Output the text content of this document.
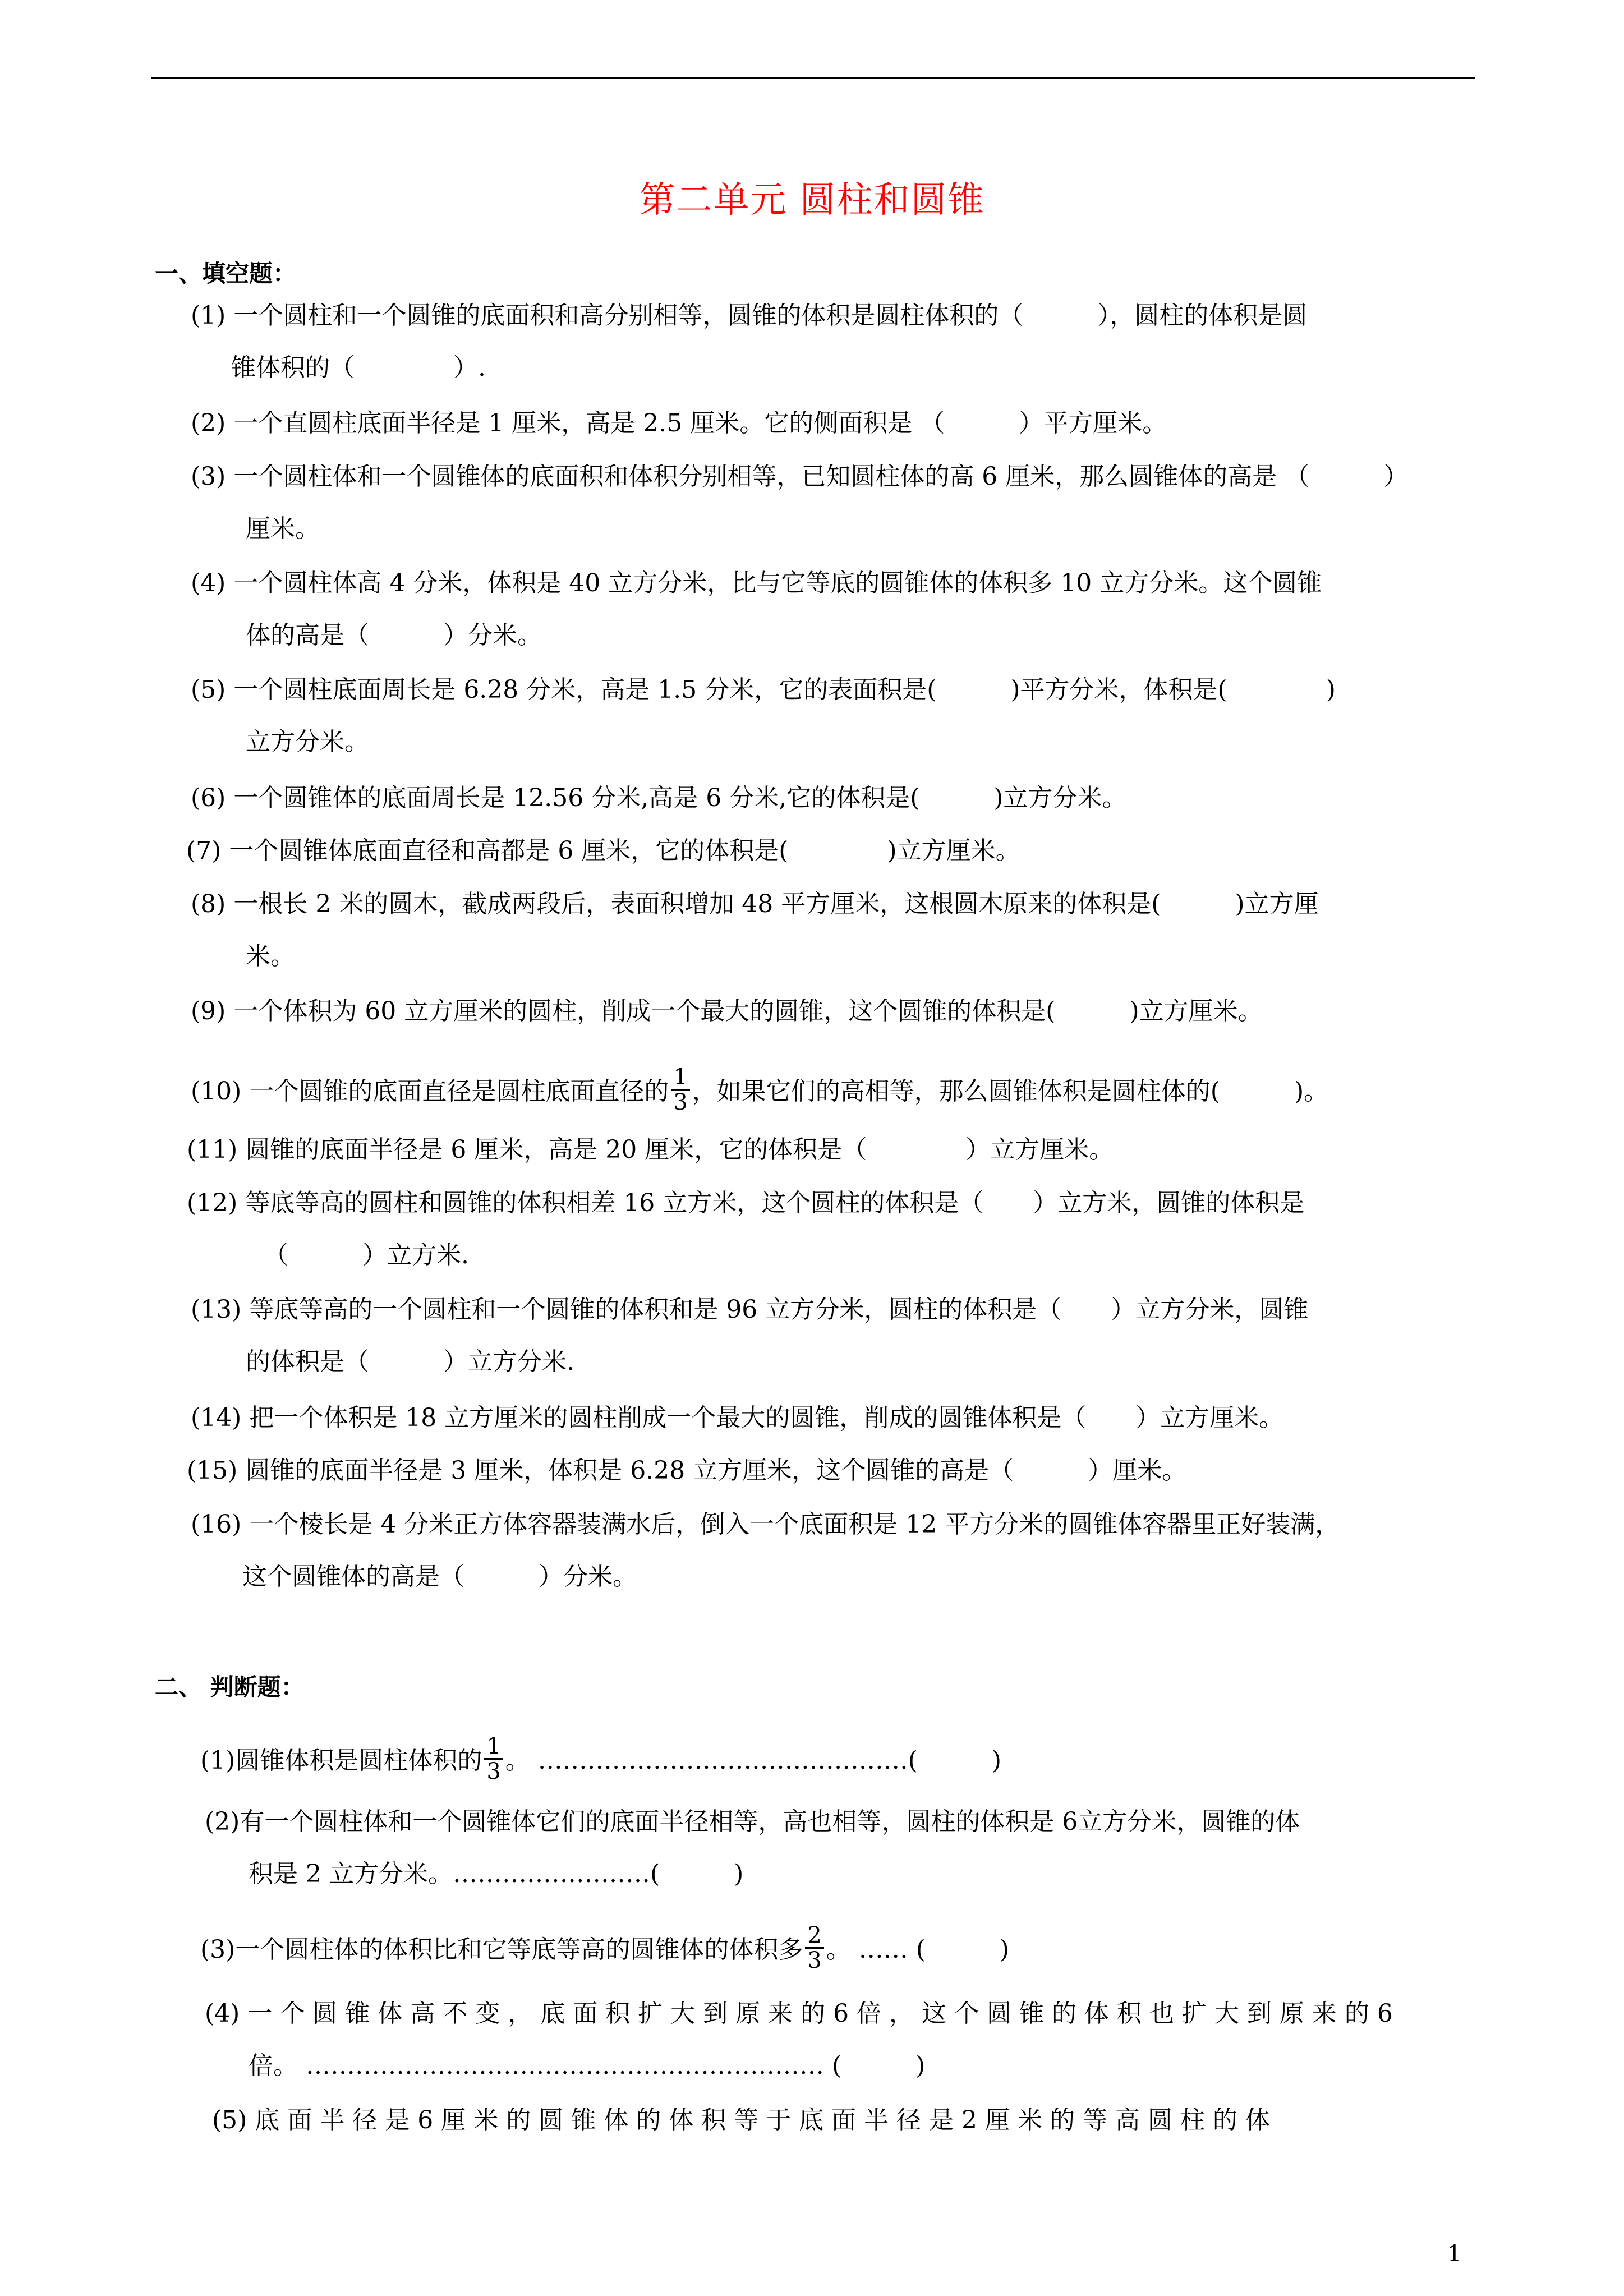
第二单元 圆柱和圆锥
一、填空题：
(1) 一个圆柱和一个圆锥的底面积和高分别相等，圆锥的体积是圆柱体积的（　　　），圆柱的体积是圆
锥体积的（　　　　）.
(2) 一个直圆柱底面半径是 1 厘米，高是 2.5 厘米。它的侧面积是 （　　　）平方厘米。
(3) 一个圆柱体和一个圆锥体的底面积和体积分别相等，已知圆柱体的高 6 厘米，那么圆锥体的高是 （　　　）
厘米。
(4) 一个圆柱体高 4 分米，体积是 40 立方分米，比与它等底的圆锥体的体积多 10 立方分米。这个圆锥
体的高是（　　　）分米。
(5) 一个圆柱底面周长是 6.28 分米，高是 1.5 分米，它的表面积是(　　　)平方分米，体积是(　　　　)
立方分米。
(6) 一个圆锥体的底面周长是 12.56 分米,高是 6 分米,它的体积是(　　　)立方分米。
(7) 一个圆锥体底面直径和高都是 6 厘米，它的体积是(　　　　)立方厘米。
(8) 一根长 2 米的圆木，截成两段后，表面积增加 48 平方厘米，这根圆木原来的体积是(　　　)立方厘
米。
(9) 一个体积为 60 立方厘米的圆柱，削成一个最大的圆锥，这个圆锥的体积是(　　　)立方厘米。
(10) 一个圆锥的底面直径是圆柱底面直径的 $\frac{1}{3}$ ，如果它们的高相等，那么圆锥体积是圆柱体的(　　　)。
(11) 圆锥的底面半径是 6 厘米，高是 20 厘米，它的体积是（　　　　）立方厘米。
(12) 等底等高的圆柱和圆锥的体积相差 16 立方米，这个圆柱的体积是（　　）立方米，圆锥的体积是
（　　　）立方米.
(13) 等底等高的一个圆柱和一个圆锥的体积和是 96 立方分米，圆柱的体积是（　　）立方分米，圆锥
的体积是（　　　）立方分米.
(14) 把一个体积是 18 立方厘米的圆柱削成一个最大的圆锥，削成的圆锥体积是（　　）立方厘米。
(15) 圆锥的底面半径是 3 厘米，体积是 6.28 立方厘米，这个圆锥的高是（　　　）厘米。
(16) 一个棱长是 4 分米正方体容器装满水后，倒入一个底面积是 12 平方分米的圆锥体容器里正好装满，
这个圆锥体的高是（　　　）分米。
二、 判断题：
(1)圆锥体积是圆柱体积的 $\frac{1}{3}$ 。 ………………………………………(　　　)
(2)有一个圆柱体和一个圆锥体它们的底面半径相等，高也相等，圆柱的体积是 6立方分米，圆锥的体
积是 2 立方分米。……………………(　　　)
(3)一个圆柱体的体积比和它等底等高的圆锥体的体积多 $\frac{2}{3}$ 。 …… (　　　)
(4) 一 个 圆 锥 体 高 不 变 ， 底 面 积 扩 大 到 原 来 的 6 倍 ， 这 个 圆 锥 的 体 积 也 扩 大 到 原 来 的 6
倍。 ……………………………………………………… (　　　)
(5) 底 面 半 径 是 6 厘 米 的 圆 锥 体 的 体 积 等 于 底 面 半 径 是 2 厘 米 的 等 高 圆 柱 的 体
1
